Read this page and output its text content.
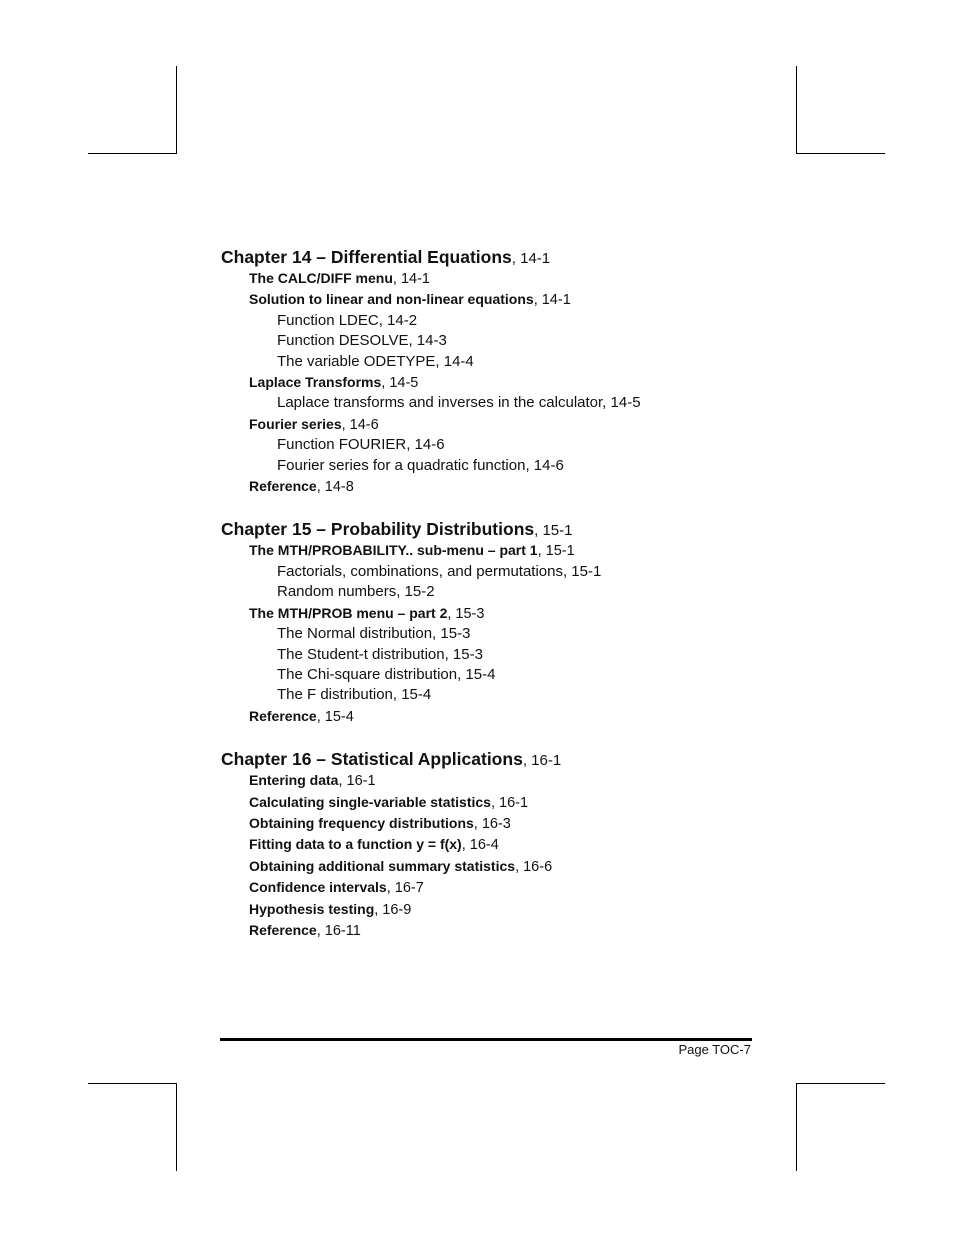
Chapter 14 – Differential Equations, 14-1
The CALC/DIFF menu, 14-1
Solution to linear and non-linear equations, 14-1
Function LDEC, 14-2
Function DESOLVE, 14-3
The variable ODETYPE, 14-4
Laplace Transforms, 14-5
Laplace transforms and inverses in the calculator, 14-5
Fourier series, 14-6
Function FOURIER, 14-6
Fourier series for a quadratic function, 14-6
Reference, 14-8
Chapter 15 – Probability Distributions, 15-1
The MTH/PROBABILITY.. sub-menu – part 1, 15-1
Factorials, combinations, and permutations, 15-1
Random numbers, 15-2
The MTH/PROB menu – part 2, 15-3
The Normal distribution, 15-3
The Student-t distribution, 15-3
The Chi-square distribution, 15-4
The F distribution, 15-4
Reference, 15-4
Chapter 16 – Statistical Applications, 16-1
Entering data, 16-1
Calculating single-variable statistics, 16-1
Obtaining frequency distributions, 16-3
Fitting data to a function y = f(x), 16-4
Obtaining additional summary statistics, 16-6
Confidence intervals, 16-7
Hypothesis testing, 16-9
Reference, 16-11
Page TOC-7
